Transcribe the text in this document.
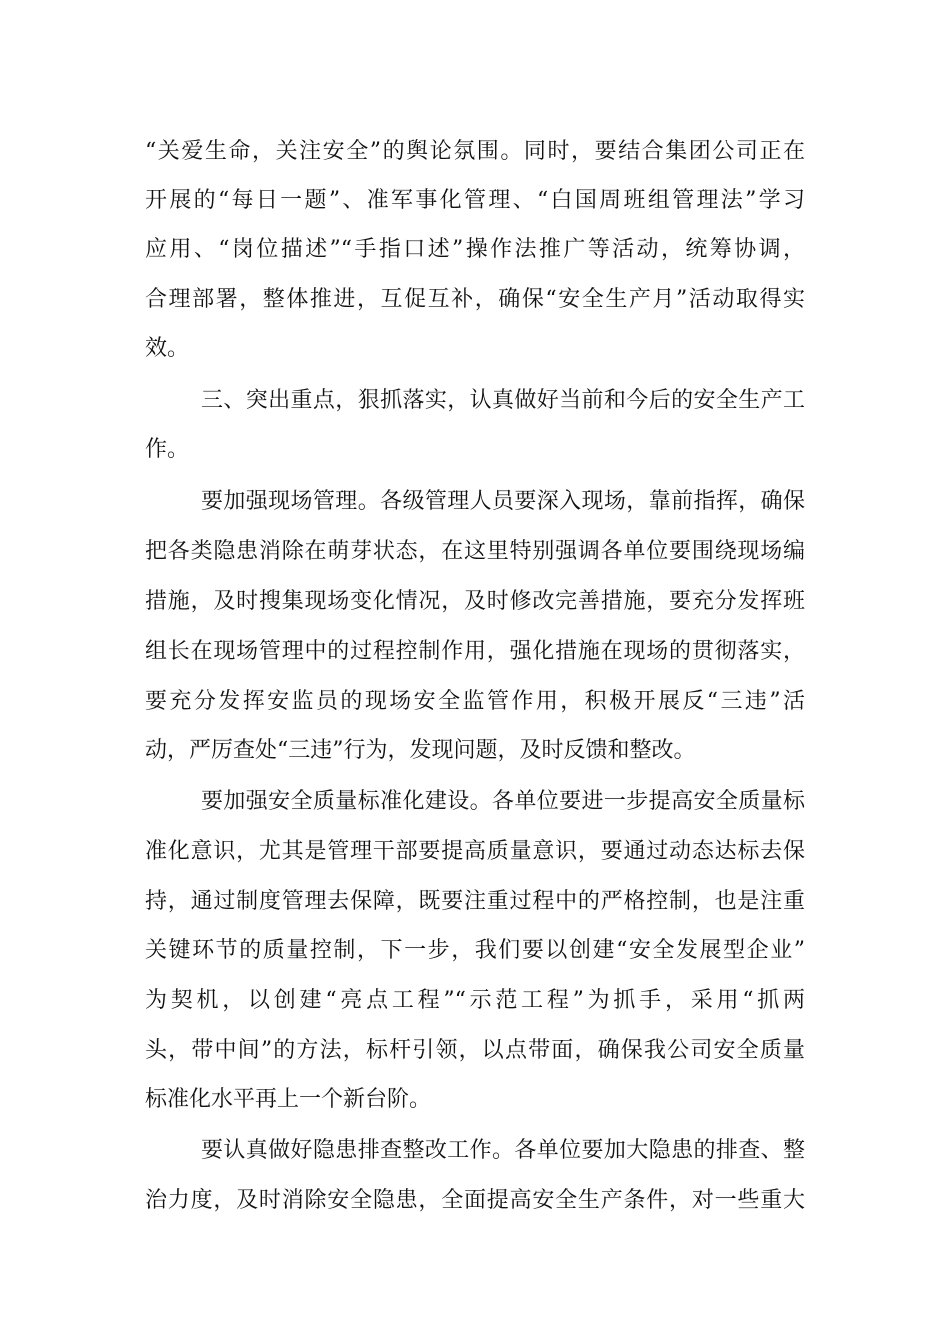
“关爱生命，关注安全”的舆论氛围。同时，要结合集团公司正在
开展的“每日一题”、准军事化管理、“白国周班组管理法”学习
应用、“岗位描述”“手指口述”操作法推广等活动，统筹协调，
合理部署，整体推进，互促互补，确保“安全生产月”活动取得实
效。
三、突出重点，狠抓落实，认真做好当前和今后的安全生产工
作。
要加强现场管理。各级管理人员要深入现场，靠前指挥，确保
把各类隐患消除在萌芽状态，在这里特别强调各单位要围绕现场编
措施，及时搜集现场变化情况，及时修改完善措施，要充分发挥班
组长在现场管理中的过程控制作用，强化措施在现场的贯彻落实，
要充分发挥安监员的现场安全监管作用，积极开展反“三违”活
动，严厉查处“三违”行为，发现问题，及时反馈和整改。
要加强安全质量标准化建设。各单位要进一步提高安全质量标
准化意识，尤其是管理干部要提高质量意识，要通过动态达标去保
持，通过制度管理去保障，既要注重过程中的严格控制，也是注重
关键环节的质量控制，下一步，我们要以创建“安全发展型企业”
为契机，以创建“亮点工程”“示范工程”为抓手，采用“抓两
头，带中间”的方法，标杆引领，以点带面，确保我公司安全质量
标准化水平再上一个新台阶。
要认真做好隐患排查整改工作。各单位要加大隐患的排查、整
治力度，及时消除安全隐患，全面提高安全生产条件，对一些重大
